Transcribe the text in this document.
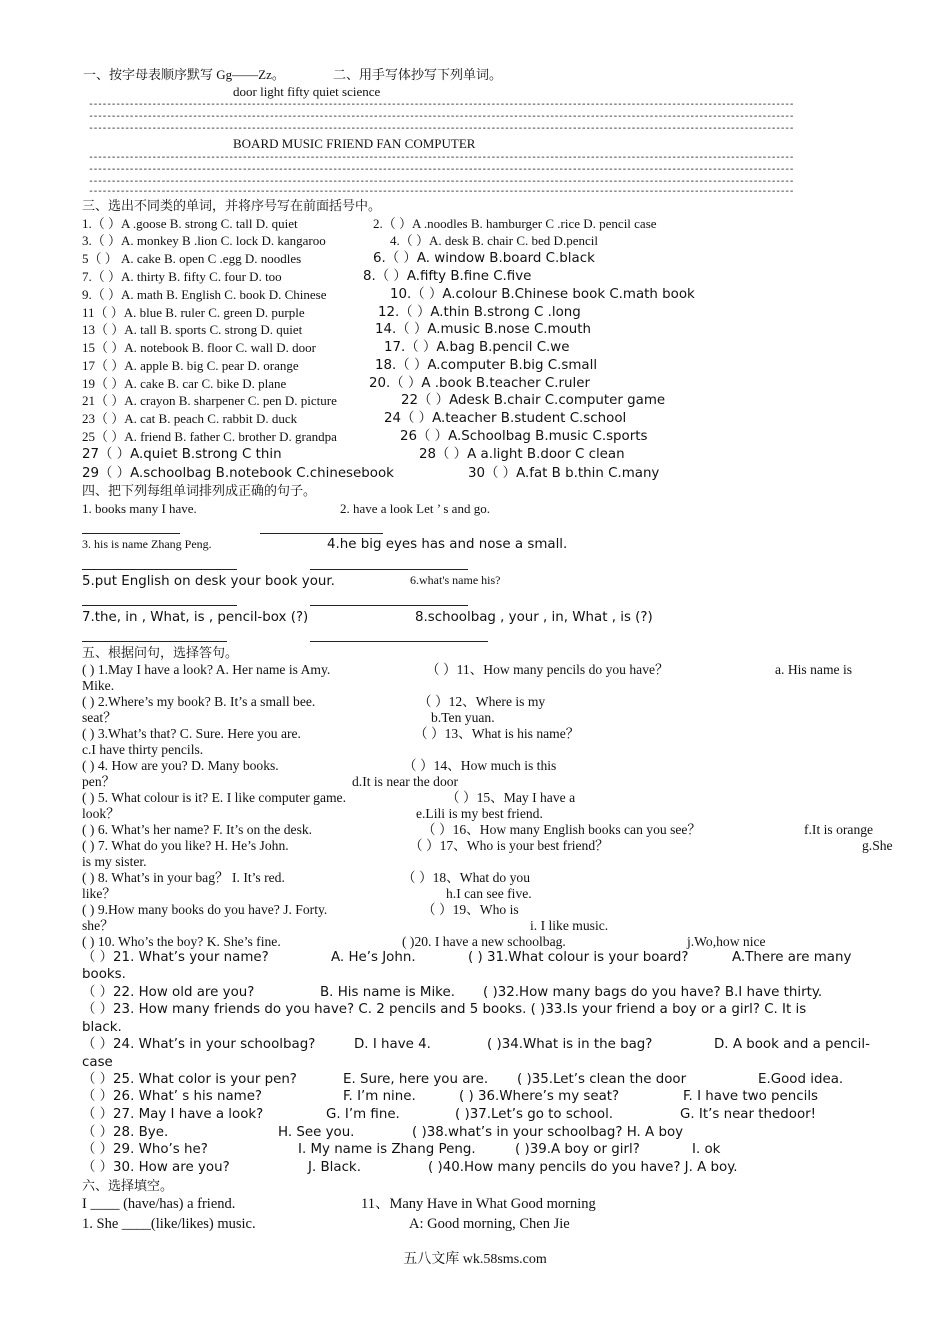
一、按字母表顺序默写 Gg——Zz。	二、用手写体抄写下列单词。
door light fifty quiet science
------------------------------------------------------------------------------------------------------------------------------------------------------------
------------------------------------------------------------------------------------------------------------------------------------------------------------
------------------------------------------------------------------------------------------------------------------------------------------------------------
BOARD MUSIC FRIEND FAN COMPUTER
------------------------------------------------------------------------------------------------------------------------------------------------------------
------------------------------------------------------------------------------------------------------------------------------------------------------------
------------------------------------------------------------------------------------------------------------------------------------------------------------
------------------------------------------------------------------------------------------------------------------------------------------------------------
三、选出不同类的单词，并将序号写在前面括号中。
1.（ ）A .goose B. strong C. tall D. quiet	2.（ ）A .noodles B. hamburger C .rice D. pencil case
3.（ ）A. monkey B .lion C. lock D. kangaroo	4.（ ）A. desk B. chair C. bed D.pencil
5（ ） A. cake B. open C .egg D. noodles	6.（ ）A. window B.board C.black
7.（ ）A. thirty B. fifty C. four D. too	8.（ ）A.fifty B.fine C.five
9.（ ）A. math B. English C. book D. Chinese	10.（ ）A.colour B.Chinese book C.math book
11（ ）A. blue B. ruler C. green D. purple	12.（ ）A.thin B.strong C .long
13（ ）A. tall B. sports C. strong D. quiet	14.（ ）A.music B.nose C.mouth
15（ ）A. notebook B. floor C. wall D. door	17.（ ）A.bag B.pencil C.we
17（ ）A. apple B. big C. pear D. orange	18.（ ）A.computer B.big C.small
19（ ）A. cake B. car C. bike D. plane	20.（ ）A .book B.teacher C.ruler
21（ ）A. crayon B. sharpener C. pen D. picture	22（ ）Adesk B.chair C.computer game
23（ ）A. cat B. peach C. rabbit D. duck	24（ ）A.teacher B.student C.school
25（ ）A. friend B. father C. brother D. grandpa	26（ ）A.Schoolbag B.music C.sports
27（ ）A.quiet B.strong C thin	28（ ）A a.light B.door C clean
29（ ）A.schoolbag B.notebook C.chinesebook	30（ ）A.fat B b.thin C.many
四、把下列每组单词排列成正确的句子。
1. books many I have.	2. have a look Let ’ s and go.
3. his is name Zhang Peng.	4.he big eyes has and nose a small.
5.put English on desk your book your.	6.what's name his?
7.the, in , What, is , pencil-box (?)	8.schoolbag , your , in, What , is (?)
五、根据问句，选择答句。
( ) 1.May I have a look? A. Her name is Amy.	（ ）11、How many pencils do you have？	a. His name is
Mike.
( ) 2.Where’s my book? B. It’s a small bee.	（ ）12、Where is my
seat？	b.Ten yuan.
( ) 3.What’s that? C. Sure. Here you are.	（ ）13、What is his name？
c.I have thirty pencils.
( ) 4. How are you? D. Many books.	（ ）14、How much is this
pen？	d.It is near the door
( ) 5. What colour is it? E. I like computer game.	（ ）15、May I have a
look？	e.Lili is my best friend.
( ) 6. What’s her name? F. It’s on the desk.	（ ）16、How many English books can you see？	f.It is orange
( ) 7. What do you like? H. He’s John.	（ ）17、Who is your best friend？	g.She
is my sister.
( ) 8. What’s in your bag？ I. It’s red.	（ ）18、What do you
like？	h.I can see five.
( ) 9.How many books do you have? J. Forty.	（ ）19、Who is
she？	i. I like music.
( ) 10. Who’s the boy? K. She’s fine.	( )20. I have a new schoolbag.	j.Wo,how nice
（ ）21. What’s your name?	A. He’s John.	( ) 31.What colour is your board?	A.There are many
books.
（ ）22. How old are you?	B. His name is Mike. ( )32.How many bags do you have? B.I have thirty.
（ ）23. How many friends do you have? C. 2 pencils and 5 books. ( )33.Is your friend a boy or a girl? C. It is
black.
（ ）24. What’s in your schoolbag?	D. I have 4.	( )34.What is in the bag?	D. A book and a pencil-
case
（ ）25. What color is your pen?	E. Sure, here you are. ( )35.Let’s clean the door	E.Good idea.
（ ）26. What’ s his name?	F. I’m nine.	( ) 36.Where’s my seat?	F. I have two pencils
（ ）27. May I have a look?	G. I’m fine.	( )37.Let’s go to school.	G. It’s near thedoor!
（ ）28. Bye.	H. See you.	( )38.what’s in your schoolbag? H. A boy
（ ）29. Who’s he?	I. My name is Zhang Peng.	( )39.A boy or girl?	I. ok
（ ）30. How are you?	J. Black.	( )40.How many pencils do you have? J. A boy.
六、选择填空。
I ____ (have/has) a friend.	11、Many Have in What Good morning
1. She ____(like/likes) music.	A: Good morning, Chen Jie
五八文库 wk.58sms.com
